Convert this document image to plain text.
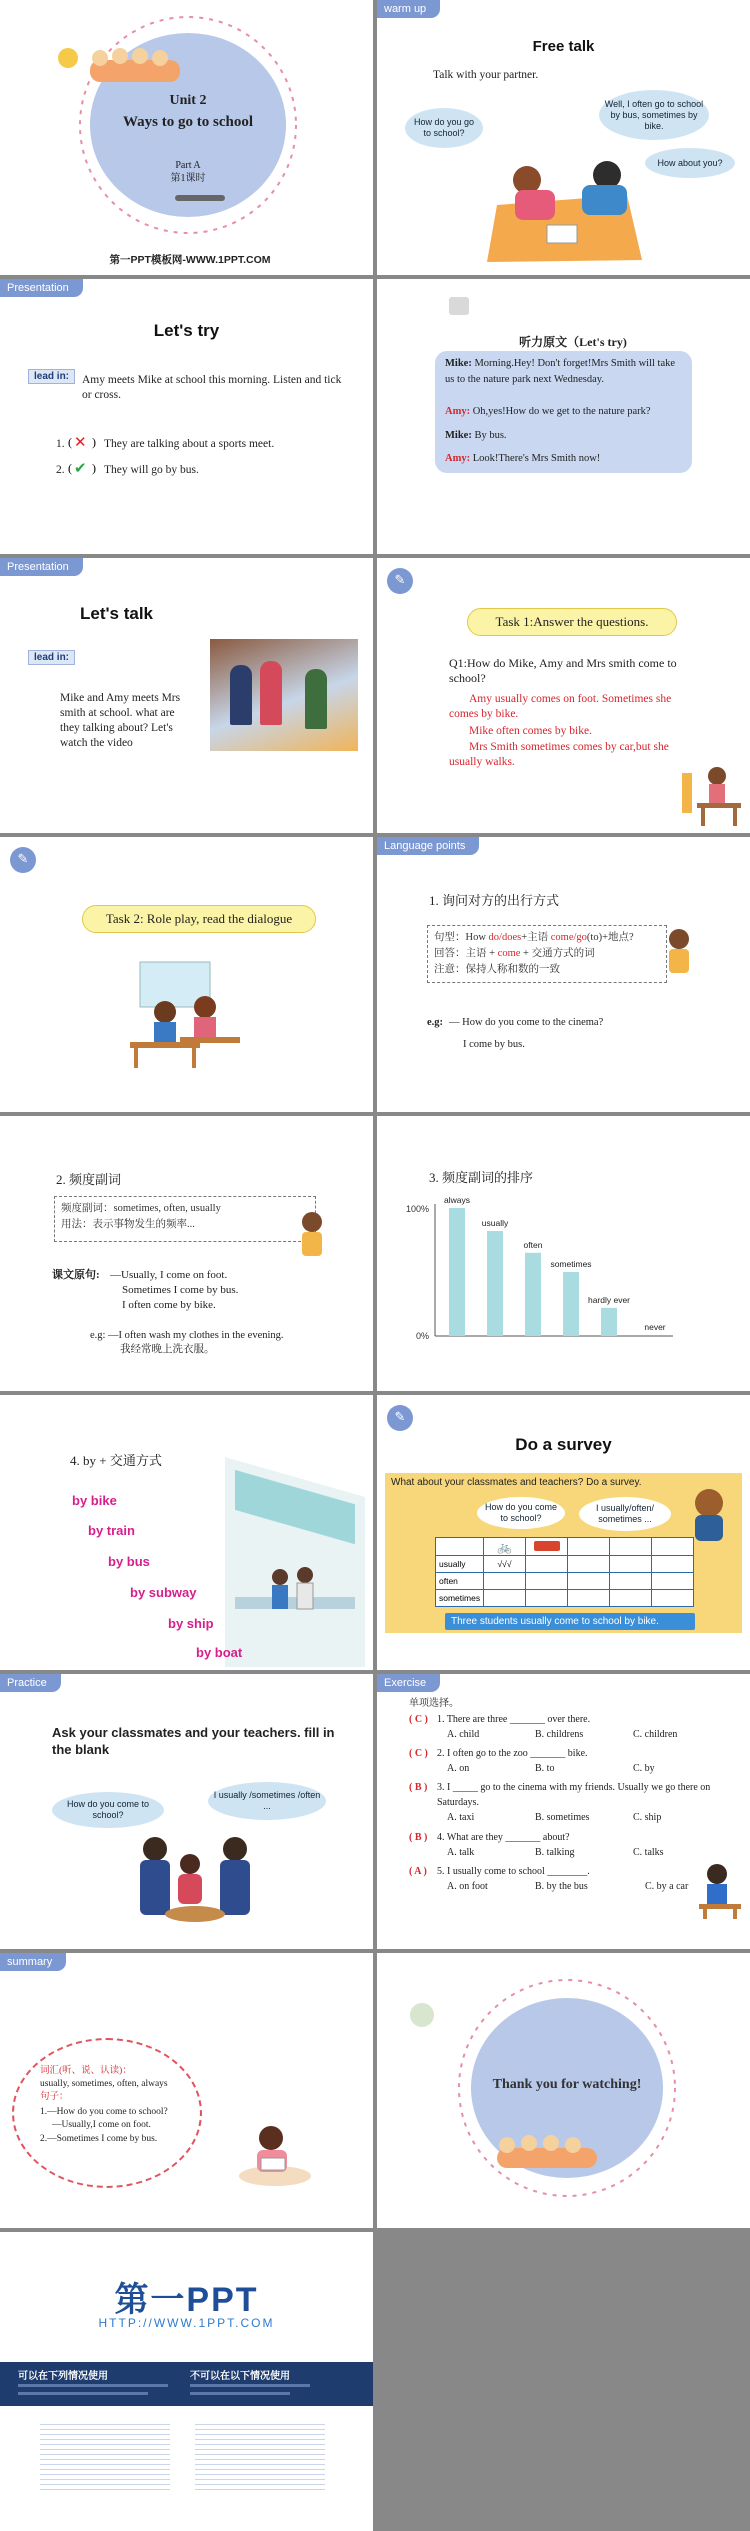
Unit 2
Ways to go to school
Part A
第1课时
第一PPT模板网-WWW.1PPT.COM
warm up
Free talk
Talk with your partner.
How do you go to school?
Well, I often go to school by bus, sometimes by bike.
How about you?
Presentation
Let's try
lead in:	Amy meets Mike at school this morning. Listen and tick or cross.
1. ( ✕ ) They are talking about a sports meet.
2. ( ✔ ) They will go by bus.
听力原文（Let's try)
Mike: Morning.Hey! Don't forget!Mrs Smith will take us to the nature park next Wednesday.
Amy: Oh,yes!How do we get to the nature park?
Mike: By bus.
Amy: Look!There's Mrs Smith now!
Presentation
Let's talk
lead in:
Mike and Amy meets Mrs smith at school. what are they talking about? Let's watch the video
✎
Task 1:Answer the questions.
Q1:How do Mike, Amy and Mrs smith come to school?
Amy usually comes on foot. Sometimes she comes by bike.
Mike often comes by bike.
Mrs Smith sometimes comes by car,but she usually walks.
✎
Task 2: Role play, read the dialogue
Language points
1. 询问对方的出行方式
句型：How do/does+主语 come/go(to)+地点?
回答：主语 + come + 交通方式的词
注意：保持人称和数的一致
e.g: — How do you come to the cinema?
I come by bus.
2. 频度副词
频度副词：sometimes, often, usually
用法：表示事物发生的频率...
课文原句: —Usually, I come on foot.
Sometimes I come by bus.
I often come by bike.
e.g: —I often wash my clothes in the evening.
我经常晚上洗衣服。
3. 频度副词的排序
100%
0%
always
usually
often
sometimes
hardly ever
never
4. by + 交通方式
by bike
by train
by bus
by subway
by ship
by boat
✎
Do a survey
What about your classmates and teachers? Do a survey.
How do you come to school?
I usually/often/ sometimes ...
	🚲				
usually	√√√				
often					
sometimes					
Three students usually come to school by bike.
Practice
Ask your classmates and your teachers. fill in the blank
How do you come to school?
I usually /sometimes /often ...
Exercise
单项选择。
( C ) 1. There are three _______ over there.
A. child	B. childrens	C. children
( C ) 2. I often go to the zoo _______ bike.
A. on	B. to	C. by
( B ) 3. I _____ go to the cinema with my friends. Usually we go there on Saturdays.
A. taxi	B. sometimes	C. ship
( B ) 4. What are they _______ about?
A. talk	B. talking	C. talks
( A ) 5. I usually come to school ________.
A. on foot	B. by the bus	C. by a car
summary
词汇(听、说、认读)：
usually, sometimes, often, always
句子：
1.—How do you come to school?
—Usually,I come on foot.
2.—Sometimes I come by bus.
Thank you for watching!
第一PPT
HTTP://WWW.1PPT.COM
可以在下列情况使用	不可以在以下情况使用
